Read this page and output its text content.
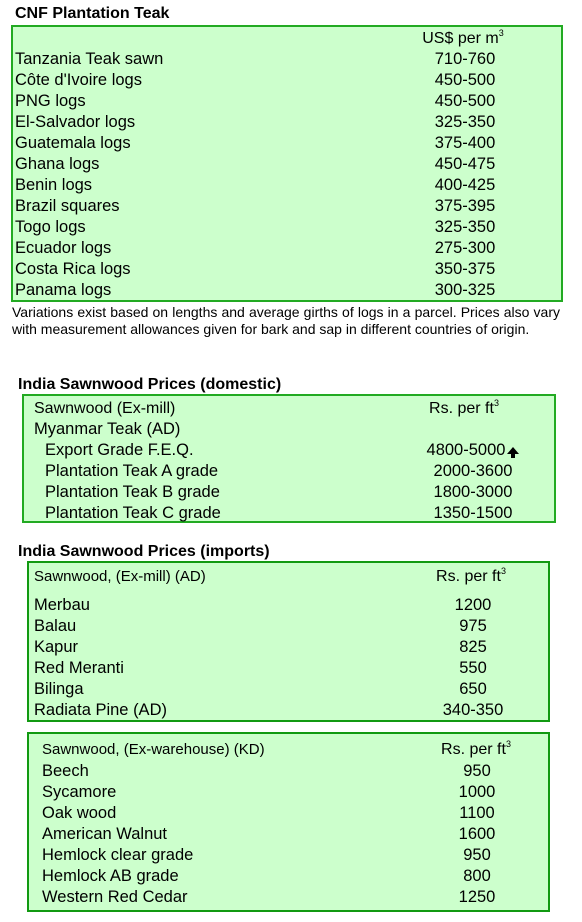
CNF Plantation Teak
US$ per $m^3$
Tanzania Teak sawn	710-760
Côte d'Ivoire logs	450-500
PNG logs	450-500
El-Salvador logs	325-350
Guatemala logs	375-400
Ghana logs	450-475
Benin logs	400-425
Brazil squares	375-395
Togo logs	325-350
Ecuador logs	275-300
Costa Rica logs	350-375
Panama logs	300-325
Variations exist based on lengths and average girths of logs in a parcel. Prices also vary with measurement allowances given for bark and sap in different countries of origin.
India Sawnwood Prices (domestic)
Sawnwood (Ex-mill)	Rs. per $ft^3$
Myanmar Teak (AD)
Export Grade F.E.Q.	4800-5000
Plantation Teak A grade	2000-3600
Plantation Teak B grade	1800-3000
Plantation Teak C grade	1350-1500
India Sawnwood Prices (imports)
Sawnwood, (Ex-mill) (AD)	Rs. per $ft^3$
Merbau	1200
Balau	975
Kapur	825
Red Meranti	550
Bilinga	650
Radiata Pine (AD)	340-350
Sawnwood, (Ex-warehouse) (KD)	Rs. per $ft^3$
Beech	950
Sycamore	1000
Oak wood	1100
American Walnut	1600
Hemlock clear grade	950
Hemlock AB grade	800
Western Red Cedar	1250
